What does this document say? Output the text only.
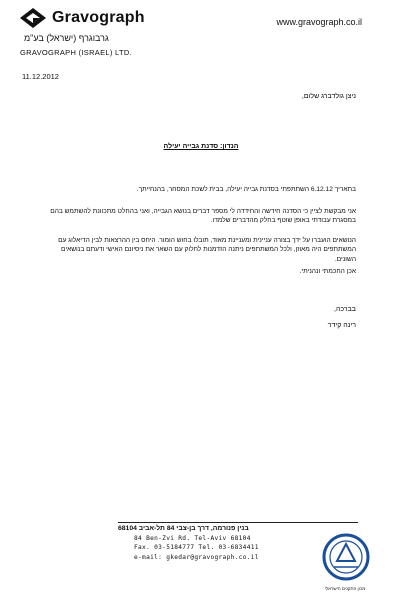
Gravograph
גרבוגרף (ישראל) בע"מ
GRAVOGRAPH (ISRAEL) LTD.
www.gravograph.co.il
11.12.2012
ניצן גולדברג שלום,
הנדון: סדנת גבייה יעילה
בתאריך 6.12.12 השתתפתי בסדנת גבייה יעילה, בבית לשכת המסחר, בהנחייתך.
אני מבקשת לציין כי הסדנה חידשה והחידדה לי מספר דברים בנושא הגבייה, ואני בהחלט מתכוונת להשתמש בהם במסגרת עבודתי באופן שוטף בחלק מהדברים שלמדו.
הנושאים הועברו על ידך בצורה עניינית ומעניינת מאוד, תובלו בחוש הומור. היחס בין ההרצאות לבין הדיאלוג עם המשתתפים היה מאוזן, ולכל המשתתפים ניתנה הזדמנות לחלוק עם השאר את ניסיונם האישי ודעתם בנושאים השונים.
אכן החכמתי ונהניתי.
בברכה,
רינה קידר
בנין פנורמה, דרך בן-צבי 84 תל-אביב 68104
84 Ben-Zvi Rd. Tel-Aviv 68104
Fax. 03-5184777 Tel. 03-6834411
e-mail: gkedar@gravograph.co.il
מכון התקנים הישראלי
